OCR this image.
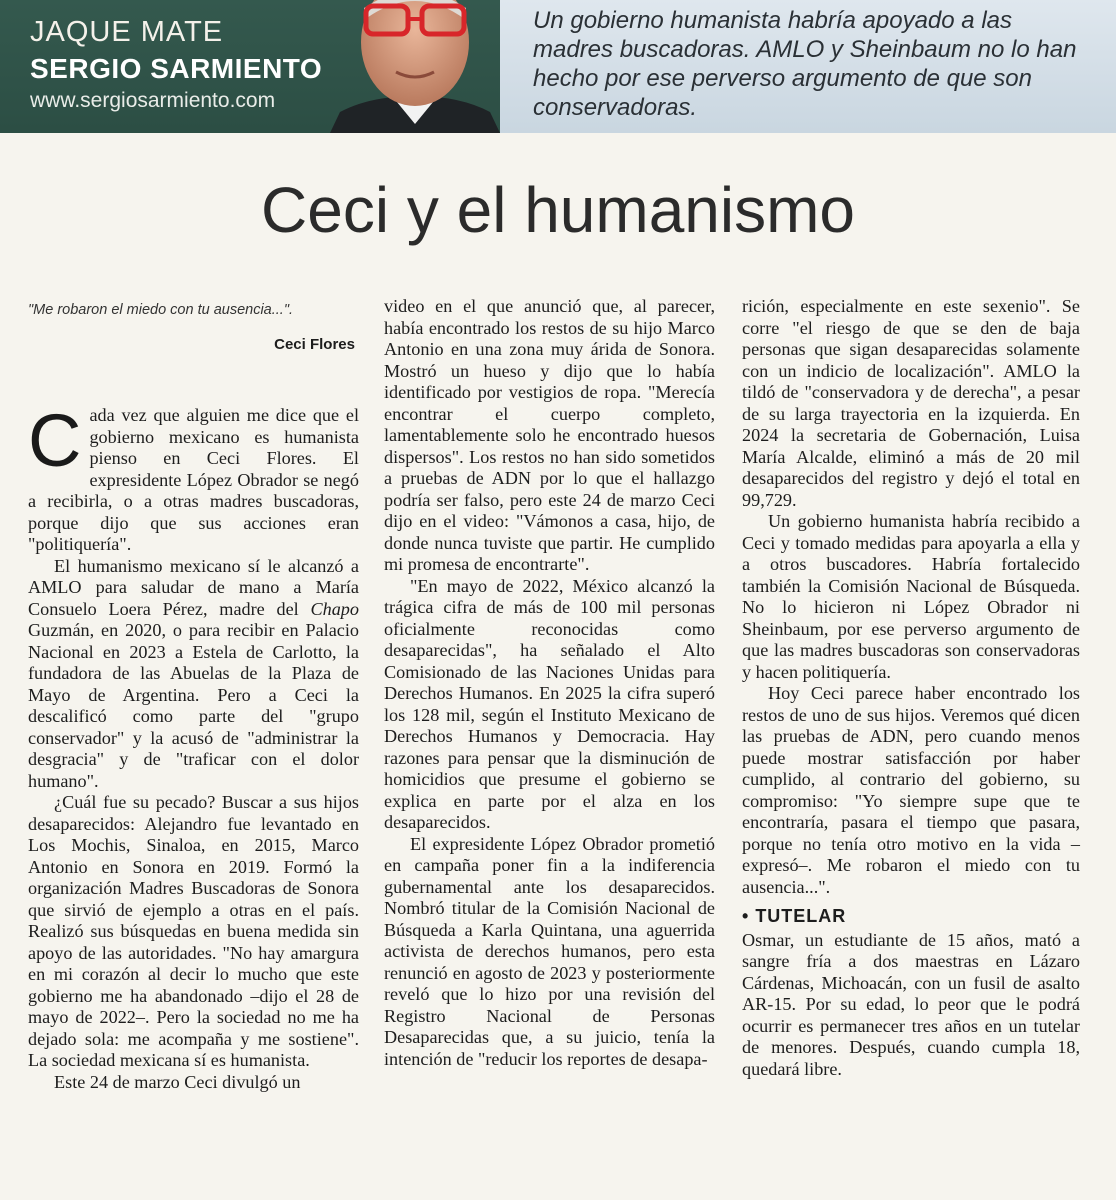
JAQUE MATE
SERGIO SARMIENTO
www.sergiosarmiento.com
Un gobierno humanista habría apoyado a las madres buscadoras. AMLO y Sheinbaum no lo han hecho por ese perverso argumento de que son conservadoras.
Ceci y el humanismo
"Me robaron el miedo con tu ausencia...".
Ceci Flores

Cada vez que alguien me dice que el gobierno mexicano es humanista pienso en Ceci Flores. El expresidente López Obrador se negó a recibirla, o a otras madres buscadoras, porque dijo que sus acciones eran "politiquería".

El humanismo mexicano sí le alcanzó a AMLO para saludar de mano a María Consuelo Loera Pérez, madre del Chapo Guzmán, en 2020, o para recibir en Palacio Nacional en 2023 a Estela de Carlotto, la fundadora de las Abuelas de la Plaza de Mayo de Argentina. Pero a Ceci la descalificó como parte del "grupo conservador" y la acusó de "administrar la desgracia" y de "traficar con el dolor humano".

¿Cuál fue su pecado? Buscar a sus hijos desaparecidos: Alejandro fue levantado en Los Mochis, Sinaloa, en 2015, Marco Antonio en Sonora en 2019. Formó la organización Madres Buscadoras de Sonora que sirvió de ejemplo a otras en el país. Realizó sus búsquedas en buena medida sin apoyo de las autoridades. "No hay amargura en mi corazón al decir lo mucho que este gobierno me ha abandonado –dijo el 28 de mayo de 2022–. Pero la sociedad no me ha dejado sola: me acompaña y me sostiene". La sociedad mexicana sí es humanista.

Este 24 de marzo Ceci divulgó un

video en el que anunció que, al parecer, había encontrado los restos de su hijo Marco Antonio en una zona muy árida de Sonora. Mostró un hueso y dijo que lo había identificado por vestigios de ropa. "Merecía encontrar el cuerpo completo, lamentablemente solo he encontrado huesos dispersos". Los restos no han sido sometidos a pruebas de ADN por lo que el hallazgo podría ser falso, pero este 24 de marzo Ceci dijo en el video: "Vámonos a casa, hijo, de donde nunca tuviste que partir. He cumplido mi promesa de encontrarte".

"En mayo de 2022, México alcanzó la trágica cifra de más de 100 mil personas oficialmente reconocidas como desaparecidas", ha señalado el Alto Comisionado de las Naciones Unidas para Derechos Humanos. En 2025 la cifra superó los 128 mil, según el Instituto Mexicano de Derechos Humanos y Democracia. Hay razones para pensar que la disminución de homicidios que presume el gobierno se explica en parte por el alza en los desaparecidos.

El expresidente López Obrador prometió en campaña poner fin a la indiferencia gubernamental ante los desaparecidos. Nombró titular de la Comisión Nacional de Búsqueda a Karla Quintana, una aguerrida activista de derechos humanos, pero esta renunció en agosto de 2023 y posteriormente reveló que lo hizo por una revisión del Registro Nacional de Personas Desaparecidas que, a su juicio, tenía la intención de "reducir los reportes de desapa-

rición, especialmente en este sexenio". Se corre "el riesgo de que se den de baja personas que sigan desaparecidas solamente con un indicio de localización". AMLO la tildó de "conservadora y de derecha", a pesar de su larga trayectoria en la izquierda. En 2024 la secretaria de Gobernación, Luisa María Alcalde, eliminó a más de 20 mil desaparecidos del registro y dejó el total en 99,729.

Un gobierno humanista habría recibido a Ceci y tomado medidas para apoyarla a ella y a otros buscadores. Habría fortalecido también la Comisión Nacional de Búsqueda. No lo hicieron ni López Obrador ni Sheinbaum, por ese perverso argumento de que las madres buscadoras son conservadoras y hacen politiquería.

Hoy Ceci parece haber encontrado los restos de uno de sus hijos. Veremos qué dicen las pruebas de ADN, pero cuando menos puede mostrar satisfacción por haber cumplido, al contrario del gobierno, su compromiso: "Yo siempre supe que te encontraría, pasara el tiempo que pasara, porque no tenía otro motivo en la vida –expresó–. Me robaron el miedo con tu ausencia...".

• TUTELAR

Osmar, un estudiante de 15 años, mató a sangre fría a dos maestras en Lázaro Cárdenas, Michoacán, con un fusil de asalto AR-15. Por su edad, lo peor que le podrá ocurrir es permanecer tres años en un tutelar de menores. Después, cuando cumpla 18, quedará libre.
